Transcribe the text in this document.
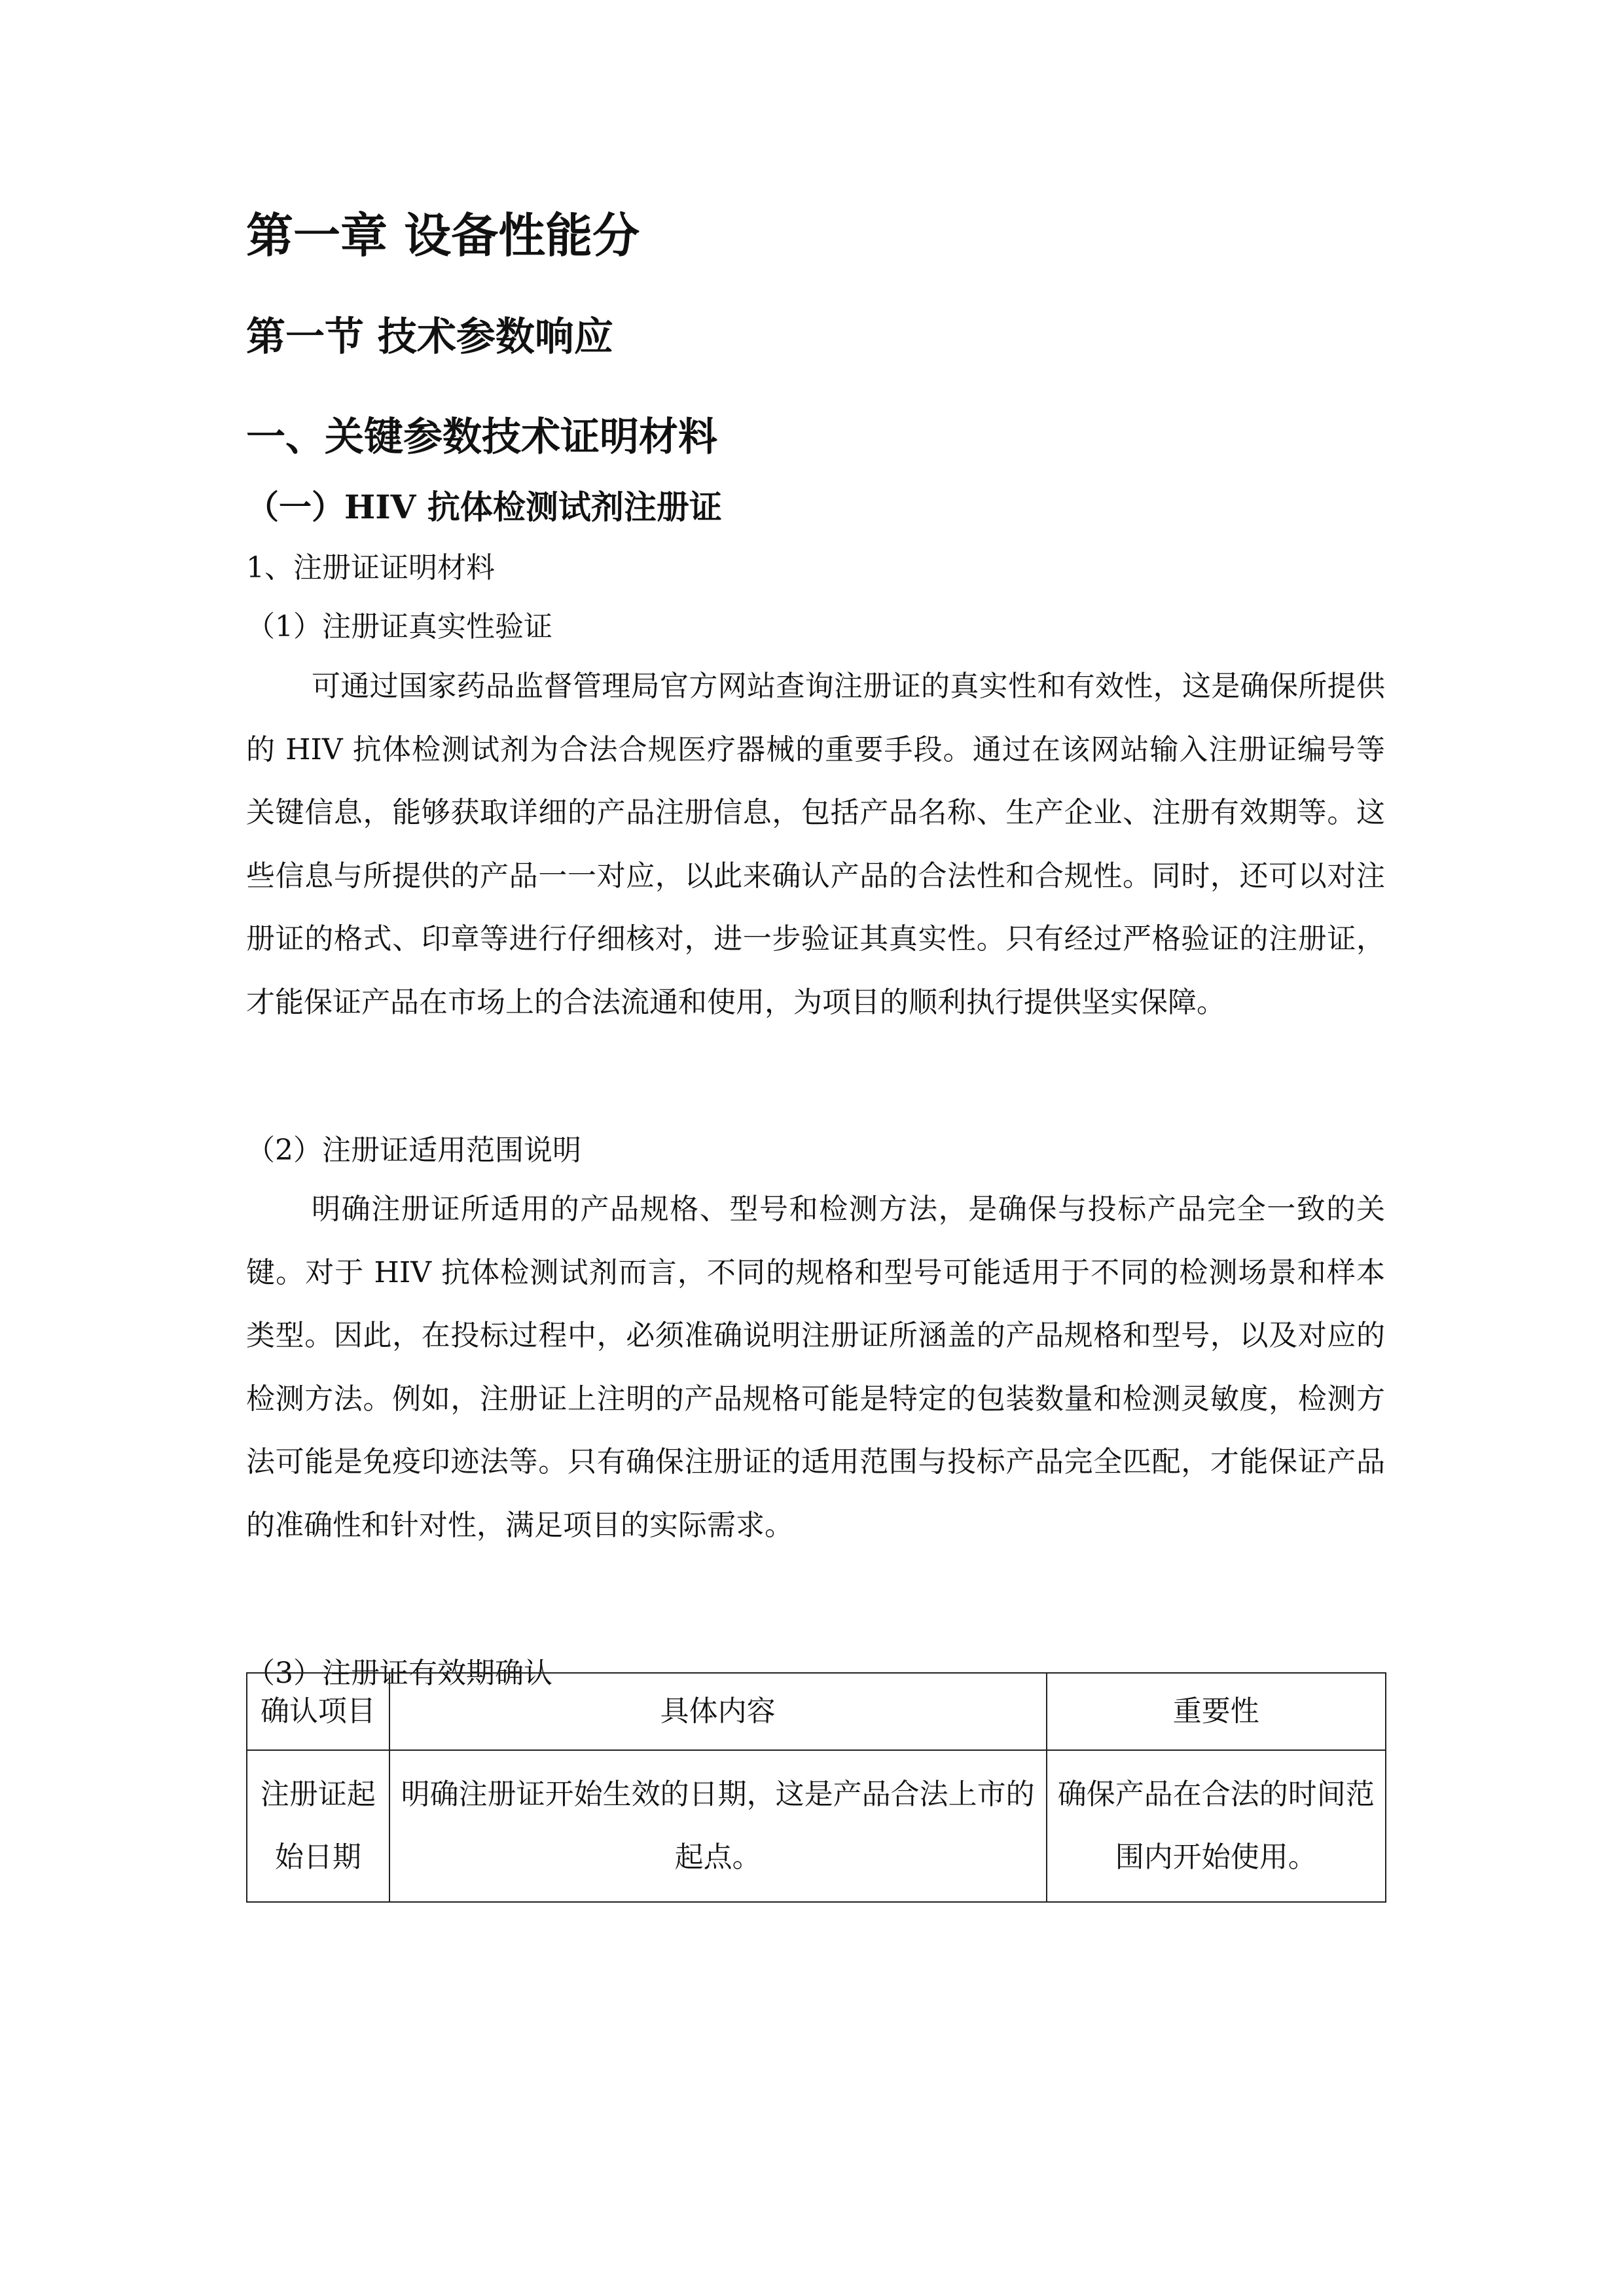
第一章 设备性能分
第一节 技术参数响应
一、关键参数技术证明材料
（一）HIV 抗体检测试剂注册证

1、注册证证明材料

（1）注册证真实性验证

可通过国家药品监督管理局官方网站查询注册证的真实性和有效性，这是确保所提供的 HIV 抗体检测试剂为合法合规医疗器械的重要手段。通过在该网站输入注册证编号等关键信息，能够获取详细的产品注册信息，包括产品名称、生产企业、注册有效期等。这些信息与所提供的产品一一对应，以此来确认产品的合法性和合规性。同时，还可以对注册证的格式、印章等进行仔细核对，进一步验证其真实性。只有经过严格验证的注册证，才能保证产品在市场上的合法流通和使用，为项目的顺利执行提供坚实保障。

（2）注册证适用范围说明

明确注册证所适用的产品规格、型号和检测方法，是确保与投标产品完全一致的关键。对于 HIV 抗体检测试剂而言，不同的规格和型号可能适用于不同的检测场景和样本类型。因此，在投标过程中，必须准确说明注册证所涵盖的产品规格和型号，以及对应的检测方法。例如，注册证上注明的产品规格可能是特定的包装数量和检测灵敏度，检测方法可能是免疫印迹法等。只有确保注册证的适用范围与投标产品完全匹配，才能保证产品的准确性和针对性，满足项目的实际需求。

（3）注册证有效期确认

确认项目	具体内容	重要性
注册证起始日期	明确注册证开始生效的日期，这是产品合法上市的起点。	确保产品在合法的时间范围内开始使用。
